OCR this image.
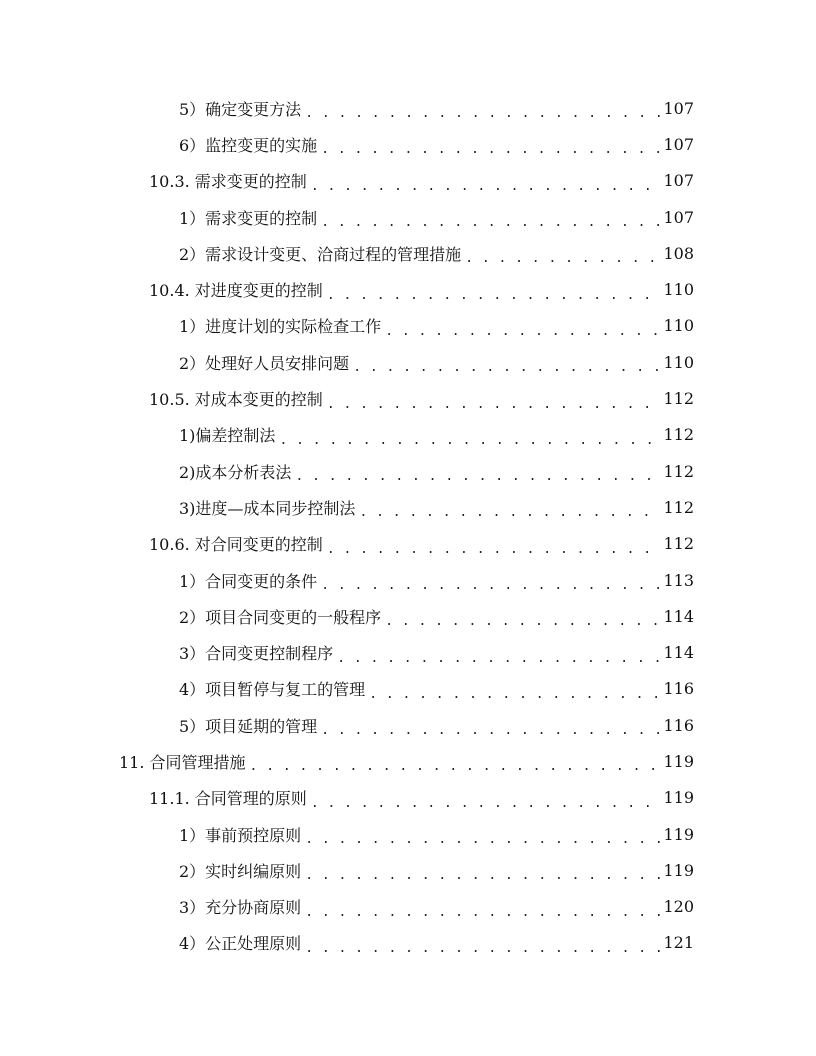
5）确定变更方法 . . .	107
6）监控变更的实施 . . .	107
10.3. 需求变更的控制 . . .	107
1）需求变更的控制 . . .	107
2）需求设计变更、洽商过程的管理措施 . . .	108
10.4. 对进度变更的控制 . . .	110
1）进度计划的实际检查工作 . . .	110
2）处理好人员安排问题 . . .	110
10.5. 对成本变更的控制 . . .	112
1)偏差控制法 . . .	112
2)成本分析表法 . . .	112
3)进度—成本同步控制法 . . .	112
10.6. 对合同变更的控制 . . .	112
1）合同变更的条件 . . .	113
2）项目合同变更的一般程序 . . .	114
3）合同变更控制程序 . . .	114
4）项目暂停与复工的管理 . . .	116
5）项目延期的管理 . . .	116
11. 合同管理措施 . . .	119
11.1. 合同管理的原则 . . .	119
1）事前预控原则 . . .	119
2）实时纠编原则 . . .	119
3）充分协商原则 . . .	120
4）公正处理原则 . . .	121
